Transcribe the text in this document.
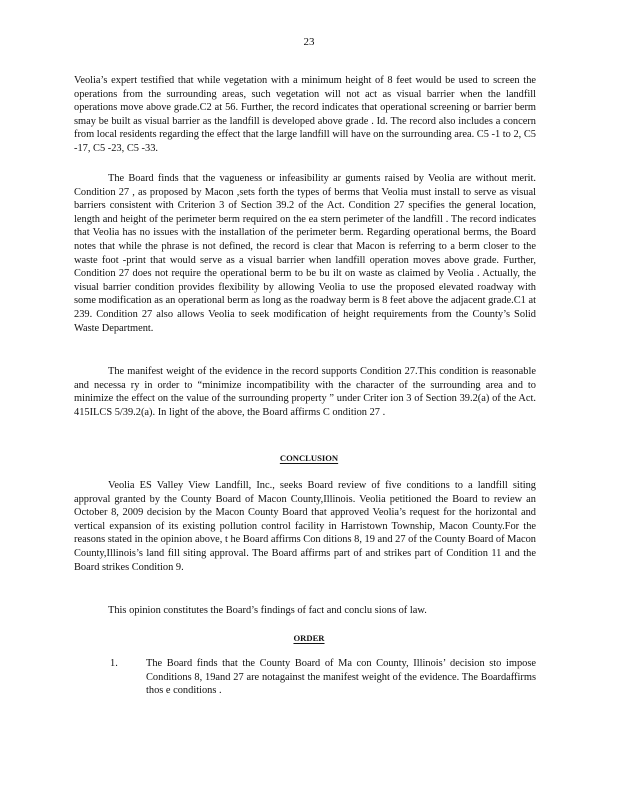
23

Veolia’s expert testified that while vegetation with a minimum height of 8 feet would be used to screen the operations from the surrounding areas, such vegetation will not act as visual barrier when the landfill operations move above grade.C2 at 56. Further, the record indicates that operational screening or barrier berm smay be built as visual barrier as the landfill is developed above grade . Id. The record also includes a concern from local residents regarding the effect that the large landfill will have on the surrounding area. C5 -1 to 2, C5 -17, C5 -23, C5 -33.

The Board finds that the vagueness or infeasibility ar guments raised by Veolia are without merit. Condition 27 , as proposed by Macon ,sets forth the types of berms that Veolia must install to serve as visual barriers consistent with Criterion 3 of Section 39.2 of the Act. Condition 27 specifies the general location, length and height of the perimeter berm required on the ea stern perimeter of the landfill . The record indicates that Veolia has no issues with the installation of the perimeter berm. Regarding operational berms, the Board notes that while the phrase is not defined, the record is clear that Macon is referring to a berm closer to the waste foot -print that would serve as a visual barrier when landfill operation moves above grade. Further, Condition 27 does not require the operational berm to be bu ilt on waste as claimed by Veolia . Actually, the visual barrier condition provides flexibility by allowing Veolia to use the proposed elevated roadway with some modification as an operational berm as long as the roadway berm is 8 feet above the adjacent grade.C1 at 239. Condition 27 also allows Veolia to seek modification of height requirements from the County’s Solid Waste Department.

The manifest weight of the evidence in the record supports Condition 27.This condition is reasonable and necessa ry in order to “minimize incompatibility with the character of the surrounding area and to minimize the effect on the value of the surrounding property ” under Criter ion 3 of Section 39.2(a) of the Act. 415ILCS 5/39.2(a). In light of the above, the Board affirms C ondition 27 .

CONCLUSION

Veolia ES Valley View Landfill, Inc., seeks Board review of five conditions to a landfill siting approval granted by the County Board of Macon County,Illinois. Veolia petitioned the Board to review an October 8, 2009 decision by the Macon County Board that approved Veolia’s request for the horizontal and vertical expansion of its existing pollution control facility in Harristown Township, Macon County.For the reasons stated in the opinion above, t he Board affirms Con ditions 8, 19 and 27 of the County Board of Macon County,Illinois’s land fill siting approval. The Board affirms part of and strikes part of Condition 11 and the Board strikes Condition 9.

This opinion constitutes the Board’s findings of fact and conclu sions of law.

ORDER
1.	The Board finds that the County Board of Ma con County, Illinois’ decision sto impose Conditions 8, 19and 27 are notagainst the manifest weight of the evidence. The Boardaffirms thos e conditions .
